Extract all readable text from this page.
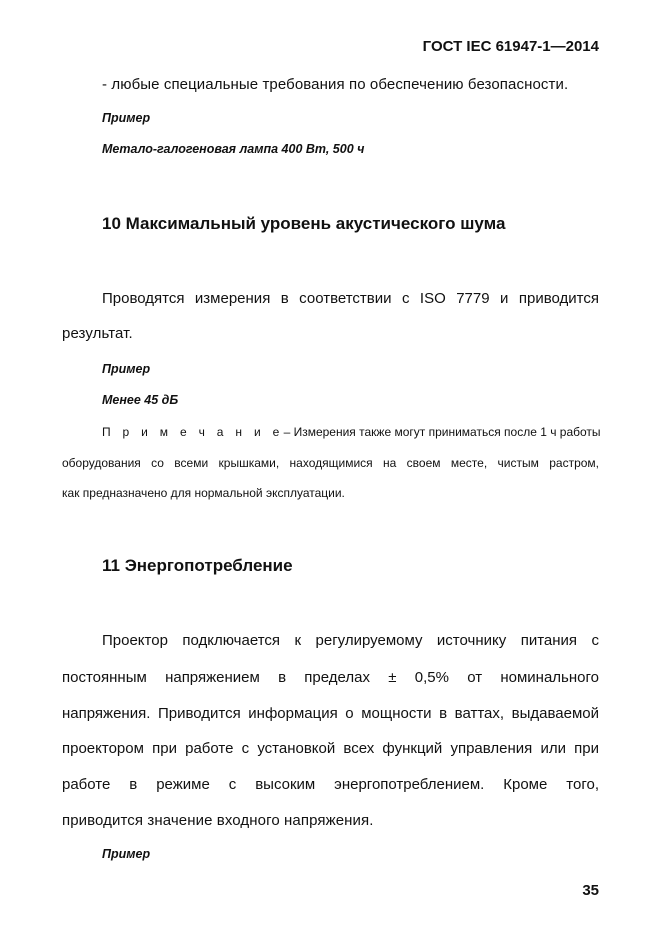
ГОСТ IEC 61947-1—2014
- любые специальные требования по обеспечению безопасности.
Пример
Метало-галогеновая лампа 400 Вт, 500 ч
10 Максимальный уровень акустического шума
Проводятся измерения в соответствии с ISO 7779 и приводится
результат.
Пример
Менее 45 дБ
П р и м е ч а н и е – Измерения также могут приниматься после 1 ч работы
оборудования со всеми крышками, находящимися на своем месте, чистым растром,
как предназначено для нормальной эксплуатации.
11 Энергопотребление
Проектор подключается к регулируемому источнику питания с
постоянным напряжением в пределах ± 0,5% от номинального
напряжения. Приводится информация о мощности в ваттах, выдаваемой
проектором при работе с установкой всех функций управления или при
работе в режиме с высоким энергопотреблением. Кроме того,
приводится значение входного напряжения.
Пример
35
